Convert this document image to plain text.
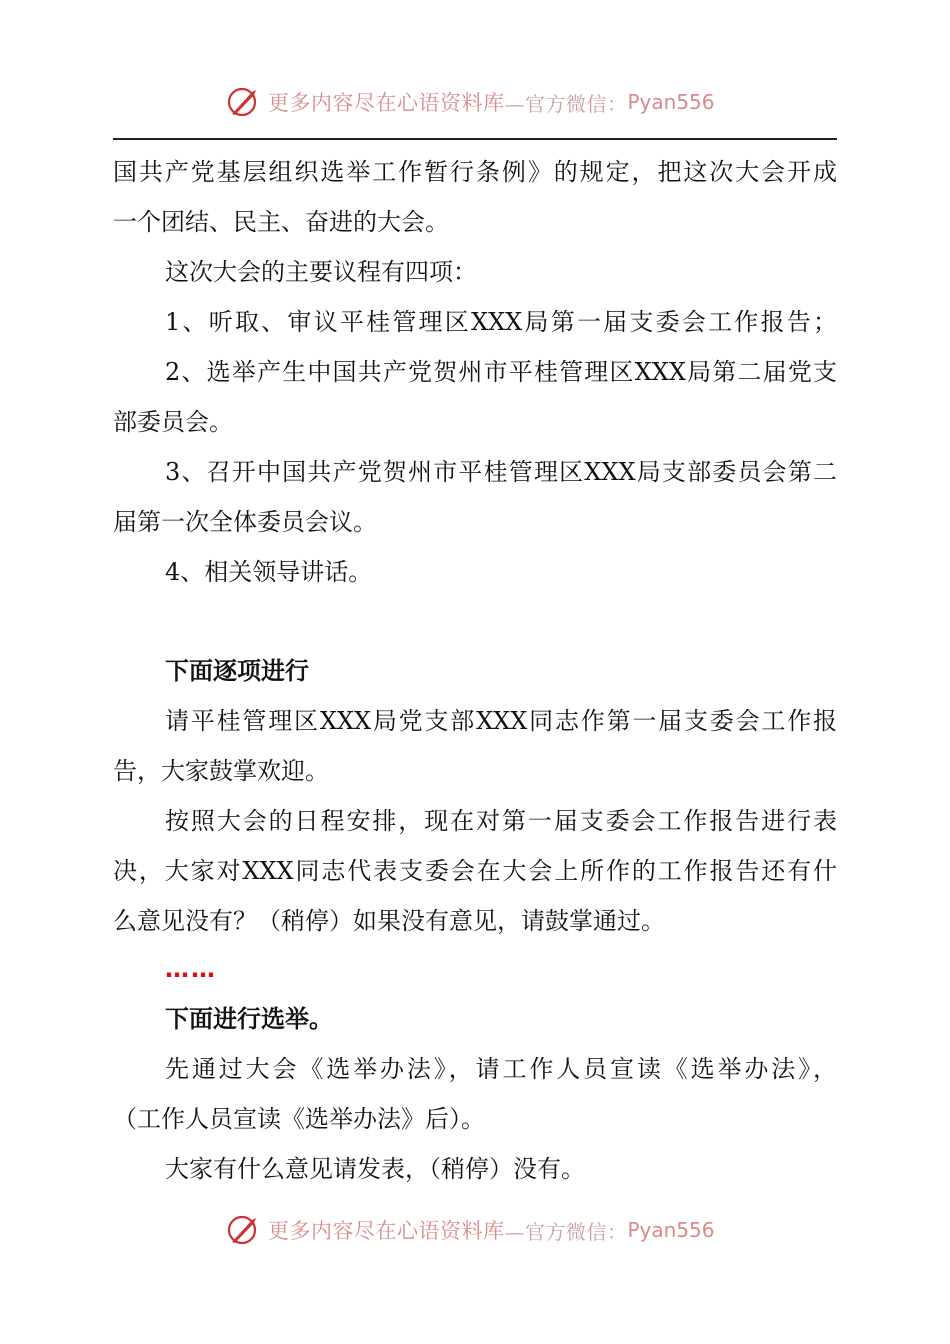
更多内容尽在心语资料库 —官方微信： Pyan556
国共产党基层组织选举工作暂行条例》的规定，把这次大会开成
一个团结、民主、奋进的大会。
这次大会的主要议程有四项：
1、听取、审议平桂管理区XXX局第一届支委会工作报告；
2、选举产生中国共产党贺州市平桂管理区XXX局第二届党支
部委员会。
3、召开中国共产党贺州市平桂管理区XXX局支部委员会第二
届第一次全体委员会议。
4、相关领导讲话。
下面逐项进行
请平桂管理区XXX局党支部XXX同志作第一届支委会工作报
告，大家鼓掌欢迎。
按照大会的日程安排，现在对第一届支委会工作报告进行表
决，大家对XXX同志代表支委会在大会上所作的工作报告还有什
么意见没有？（稍停）如果没有意见，请鼓掌通过。
……
下面进行选举。
先通过大会《选举办法》，请工作人员宣读《选举办法》，
（工作人员宣读《选举办法》后）。
大家有什么意见请发表，（稍停）没有。
更多内容尽在心语资料库 —官方微信： Pyan556
